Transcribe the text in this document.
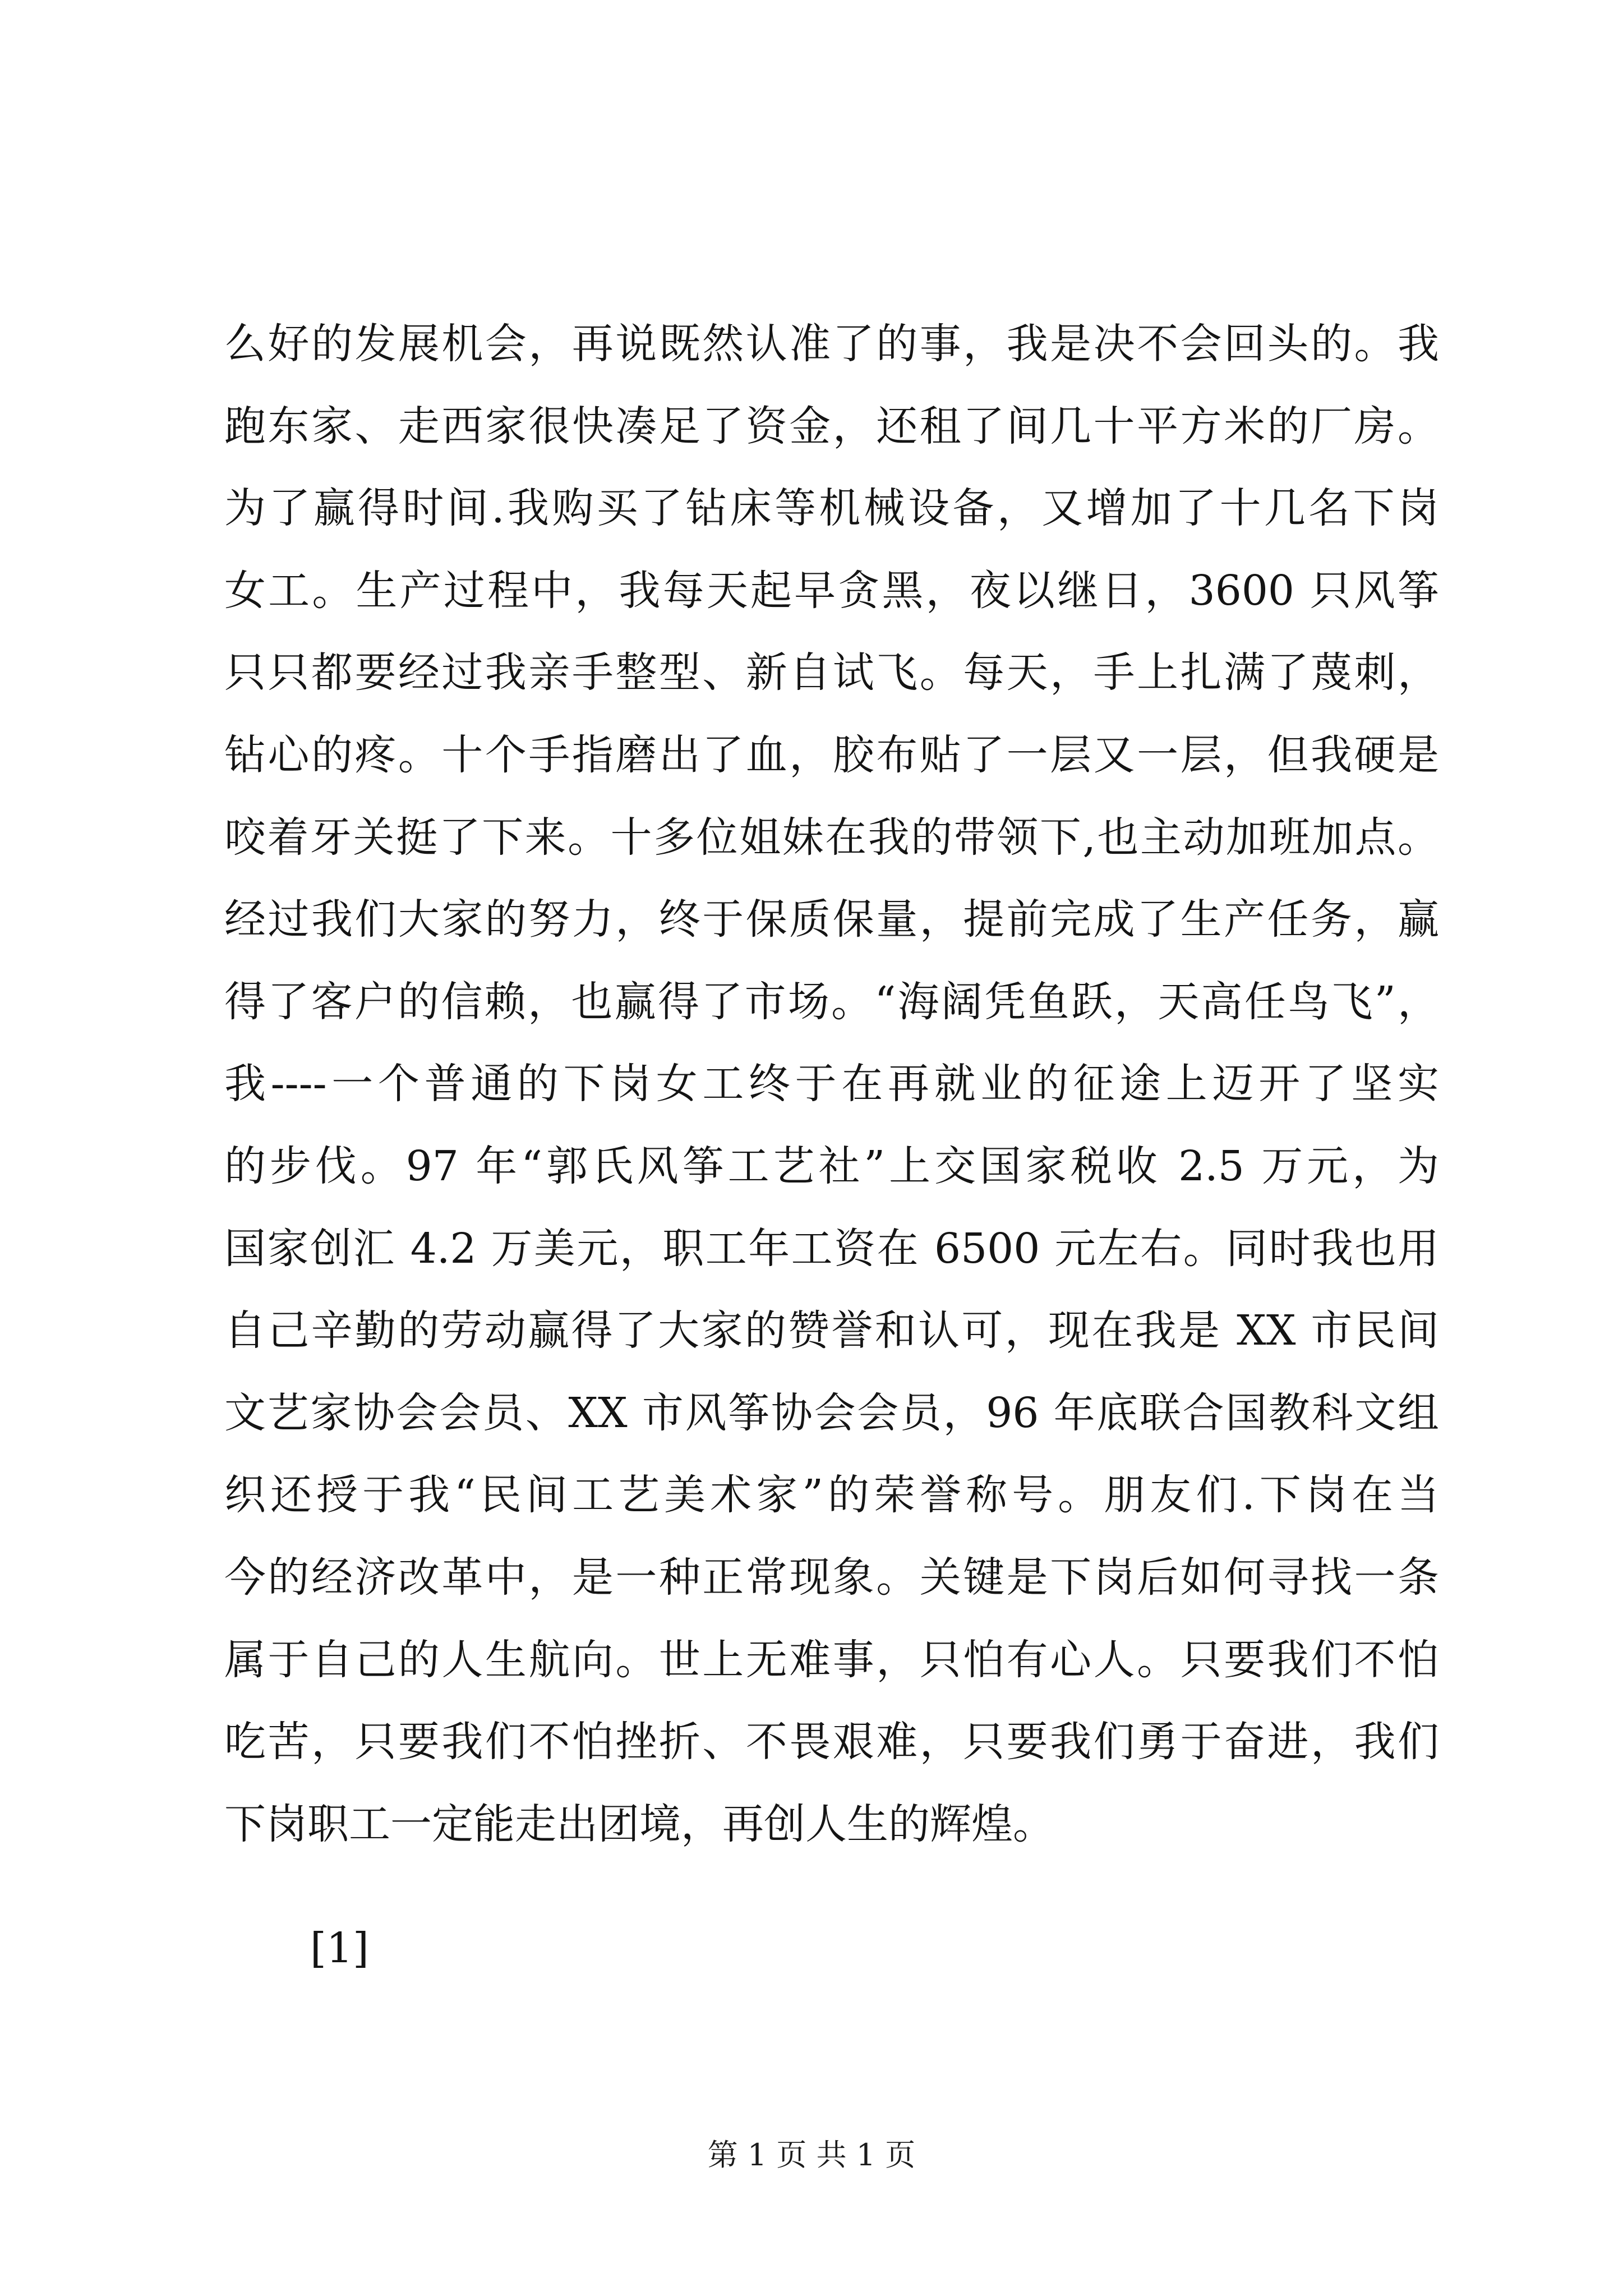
么好的发展机会，再说既然认准了的事，我是决不会回头的。我
跑东家、走西家很快凑足了资金，还租了间几十平方米的厂房。
为了赢得时间.我购买了钻床等机械设备，又增加了十几名下岗
女工。生产过程中，我每天起早贪黑，夜以继日，3600 只风筝
只只都要经过我亲手整型、新自试飞。每天，手上扎满了蔑刺，
钻心的疼。十个手指磨出了血，胶布贴了一层又一层，但我硬是
咬着牙关挺了下来。十多位姐妹在我的带领下,也主动加班加点。
经过我们大家的努力，终于保质保量，提前完成了生产任务，赢
得了客户的信赖，也赢得了市场。“海阔凭鱼跃，天高任鸟飞”，
我----一个普通的下岗女工终于在再就业的征途上迈开了坚实
的步伐。97 年“郭氏风筝工艺社”上交国家税收 2.5 万元，为
国家创汇 4.2 万美元，职工年工资在 6500 元左右。同时我也用
自己辛勤的劳动赢得了大家的赞誉和认可，现在我是 XX 市民间
文艺家协会会员、XX 市风筝协会会员，96 年底联合国教科文组
织还授于我“民间工艺美术家”的荣誉称号。朋友们.下岗在当
今的经济改革中，是一种正常现象。关键是下岗后如何寻找一条
属于自己的人生航向。世上无难事，只怕有心人。只要我们不怕
吃苦，只要我们不怕挫折、不畏艰难，只要我们勇于奋进，我们
下岗职工一定能走出团境，再创人生的辉煌。
[1]
第 1 页 共 1 页
